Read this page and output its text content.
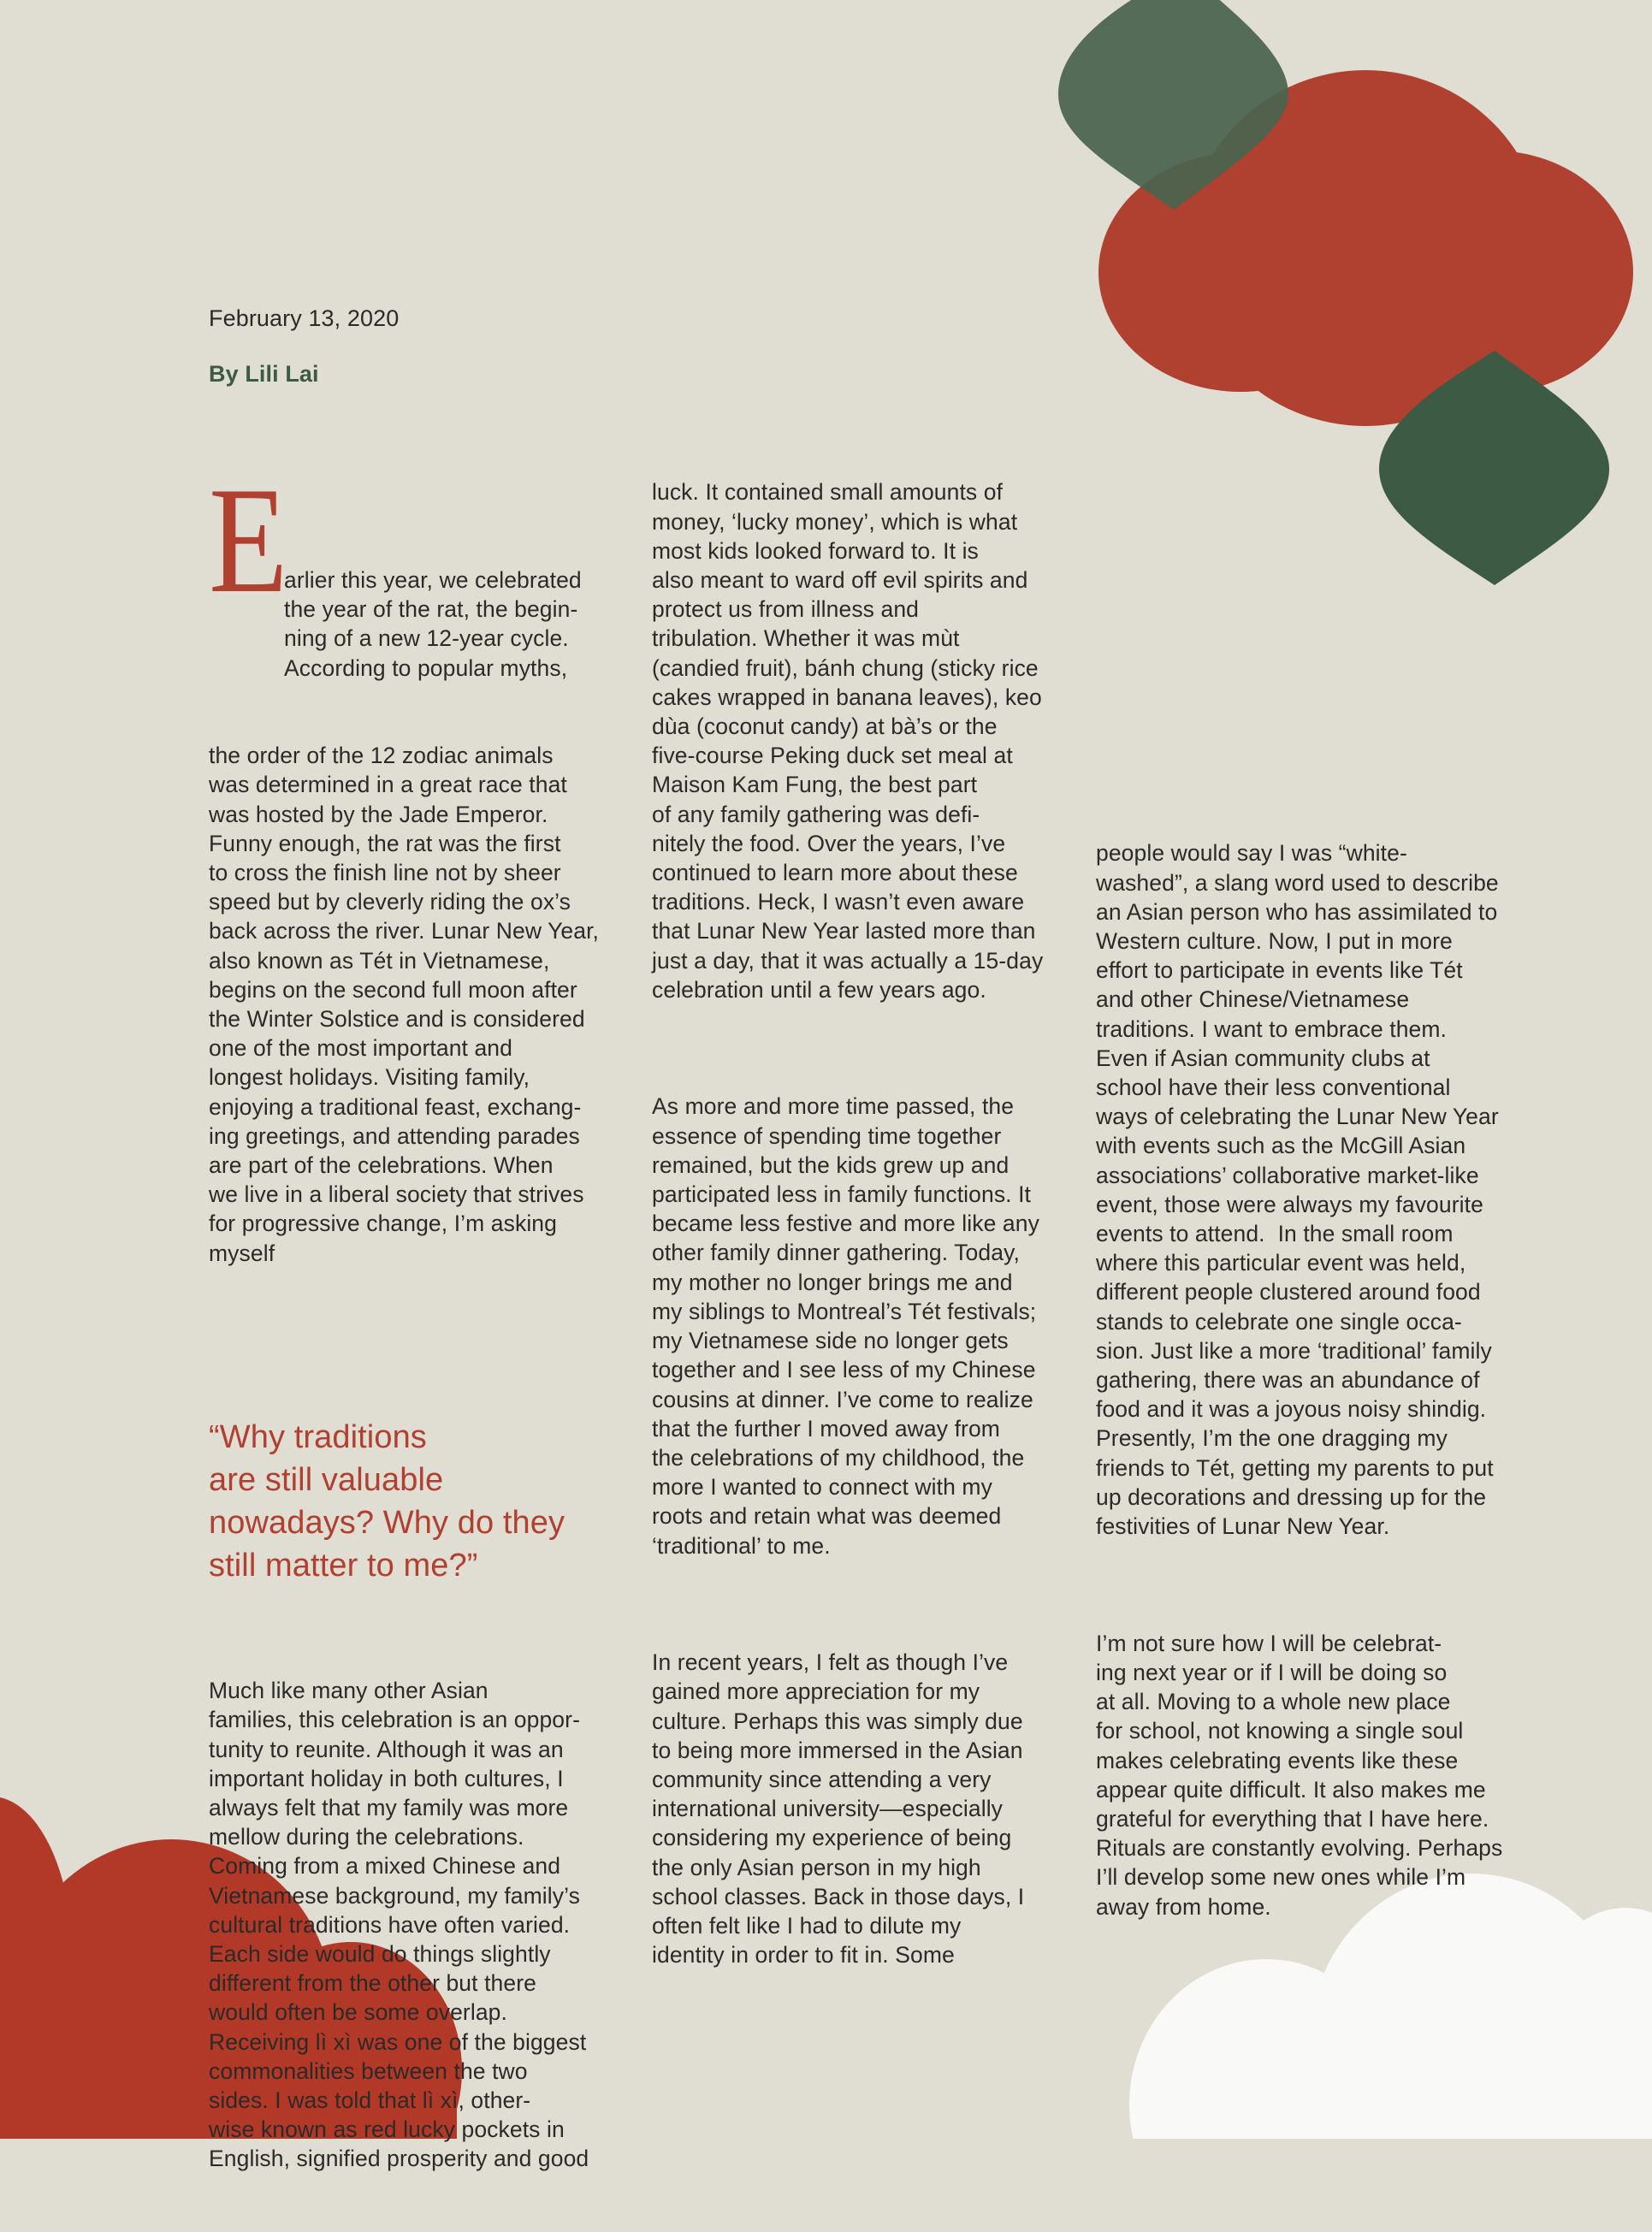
February 13, 2020
By Lili Lai

E

arlier this year, we celebrated
the year of the rat, the begin-
ning of a new 12-year cycle.
According to popular myths,

the order of the 12 zodiac animals
was determined in a great race that
was hosted by the Jade Emperor.
Funny enough, the rat was the first
to cross the finish line not by sheer
speed but by cleverly riding the ox’s
back across the river. Lunar New Year,
also known as Tét in Vietnamese,
begins on the second full moon after
the Winter Solstice and is considered
one of the most important and
longest holidays. Visiting family,
enjoying a traditional feast, exchang-
ing greetings, and attending parades
are part of the celebrations. When
we live in a liberal society that strives
for progressive change, I’m asking
myself

“Why traditions
are still valuable
nowadays? Why do they
still matter to me?”

Much like many other Asian
families, this celebration is an oppor-
tunity to reunite. Although it was an
important holiday in both cultures, I
always felt that my family was more
mellow during the celebrations.
Coming from a mixed Chinese and
Vietnamese background, my family’s
cultural traditions have often varied.
Each side would do things slightly
different from the other but there
would often be some overlap.
Receiving lì xì was one of the biggest
commonalities between the two
sides. I was told that lì xì, other-
wise known as red lucky pockets in
English, signified prosperity and good

luck. It contained small amounts of
money, ‘lucky money’, which is what
most kids looked forward to. It is
also meant to ward off evil spirits and
protect us from illness and
tribulation. Whether it was mùt
(candied fruit), bánh chung (sticky rice
cakes wrapped in banana leaves), keo
dùa (coconut candy) at bà’s or the
five-course Peking duck set meal at
Maison Kam Fung, the best part
of any family gathering was defi-
nitely the food. Over the years, I’ve
continued to learn more about these
traditions. Heck, I wasn’t even aware
that Lunar New Year lasted more than
just a day, that it was actually a 15-day
celebration until a few years ago.

As more and more time passed, the
essence of spending time together
remained, but the kids grew up and
participated less in family functions. It
became less festive and more like any
other family dinner gathering. Today,
my mother no longer brings me and
my siblings to Montreal’s Tét festivals;
my Vietnamese side no longer gets
together and I see less of my Chinese
cousins at dinner. I’ve come to realize
that the further I moved away from
the celebrations of my childhood, the
more I wanted to connect with my
roots and retain what was deemed
‘traditional’ to me.

In recent years, I felt as though I’ve
gained more appreciation for my
culture. Perhaps this was simply due
to being more immersed in the Asian
community since attending a very
international university—especially
considering my experience of being
the only Asian person in my high
school classes. Back in those days, I
often felt like I had to dilute my
identity in order to fit in. Some

people would say I was “white-
washed”, a slang word used to describe
an Asian person who has assimilated to
Western culture. Now, I put in more
effort to participate in events like Tét
and other Chinese/Vietnamese
traditions. I want to embrace them.
Even if Asian community clubs at
school have their less conventional
ways of celebrating the Lunar New Year
with events such as the McGill Asian
associations’ collaborative market-like
event, those were always my favourite
events to attend.  In the small room
where this particular event was held,
different people clustered around food
stands to celebrate one single occa-
sion. Just like a more ‘traditional’ family
gathering, there was an abundance of
food and it was a joyous noisy shindig.
Presently, I’m the one dragging my
friends to Tét, getting my parents to put
up decorations and dressing up for the
festivities of Lunar New Year.

I’m not sure how I will be celebrat-
ing next year or if I will be doing so
at all. Moving to a whole new place
for school, not knowing a single soul
makes celebrating events like these
appear quite difficult. It also makes me
grateful for everything that I have here.
Rituals are constantly evolving. Perhaps
I’ll develop some new ones while I’m
away from home.
